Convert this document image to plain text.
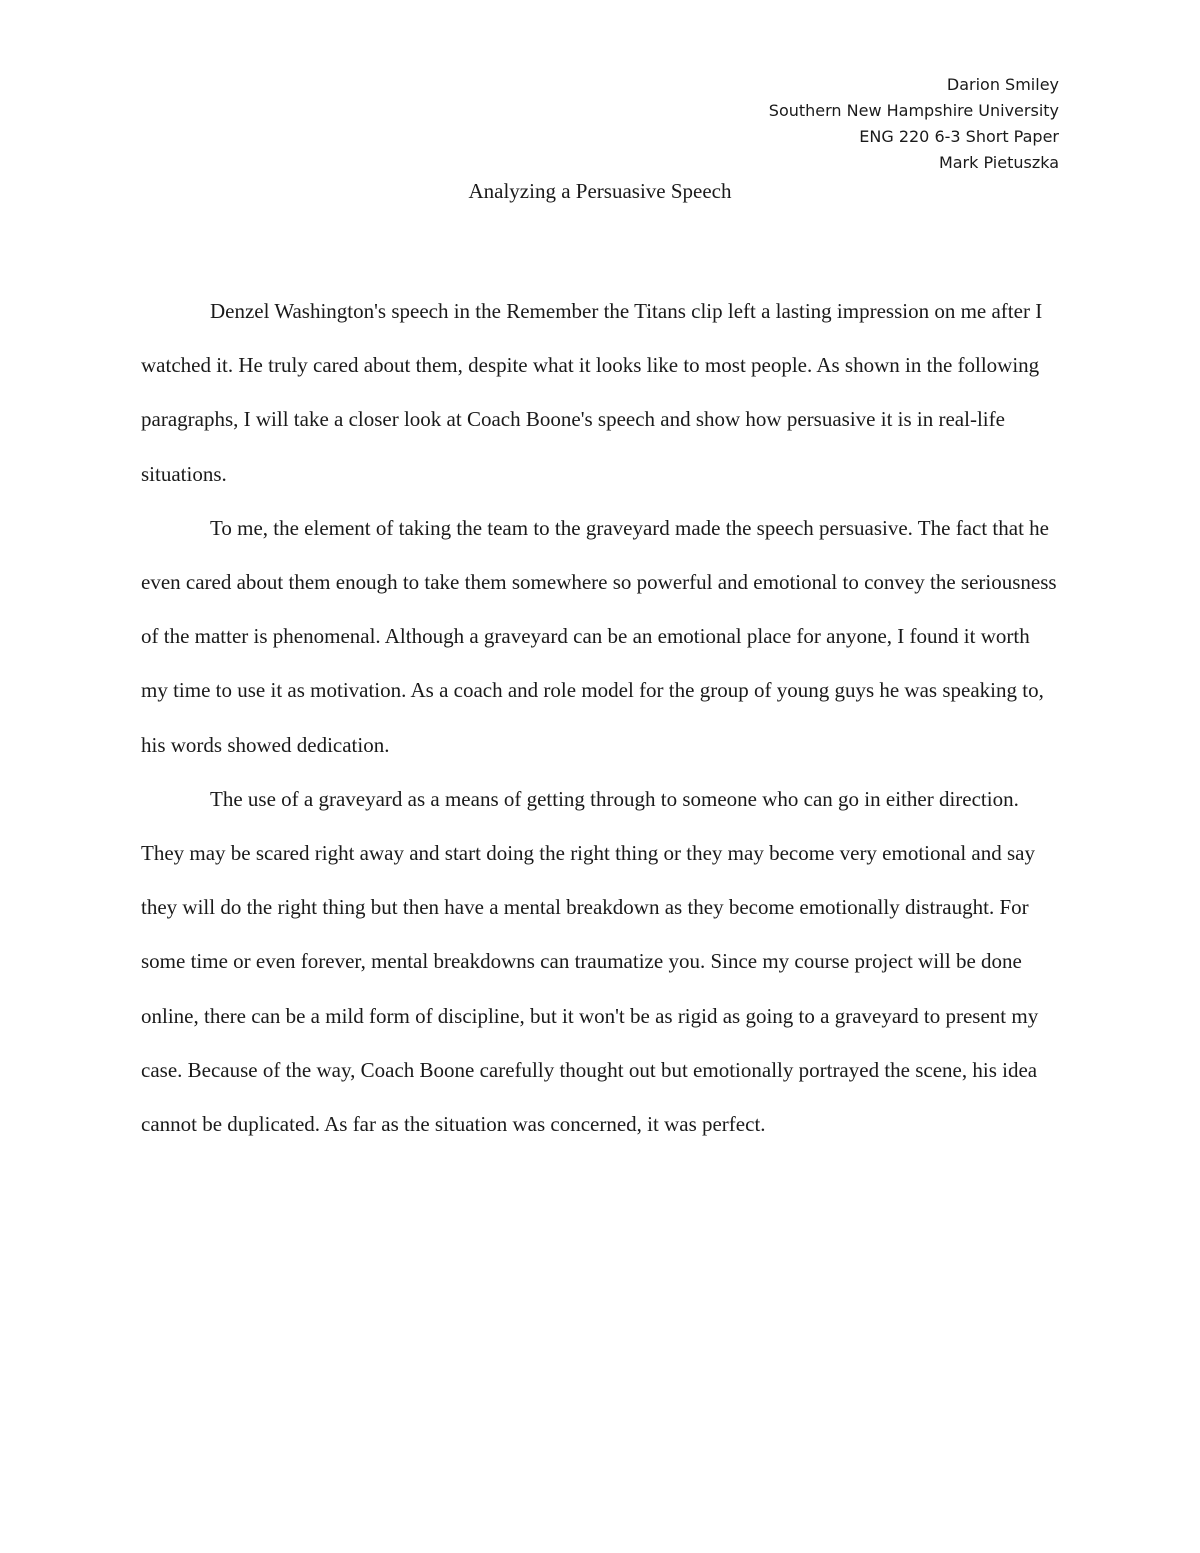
Darion Smiley
Southern New Hampshire University
ENG 220 6-3 Short Paper
Mark Pietuszka
Analyzing a Persuasive Speech

Denzel Washington's speech in the Remember the Titans clip left a lasting impression on me after I watched it. He truly cared about them, despite what it looks like to most people. As shown in the following paragraphs, I will take a closer look at Coach Boone's speech and show how persuasive it is in real-life situations.

To me, the element of taking the team to the graveyard made the speech persuasive. The fact that he even cared about them enough to take them somewhere so powerful and emotional to convey the seriousness of the matter is phenomenal. Although a graveyard can be an emotional place for anyone, I found it worth my time to use it as motivation. As a coach and role model for the group of young guys he was speaking to, his words showed dedication.

The use of a graveyard as a means of getting through to someone who can go in either direction. They may be scared right away and start doing the right thing or they may become very emotional and say they will do the right thing but then have a mental breakdown as they become emotionally distraught. For some time or even forever, mental breakdowns can traumatize you. Since my course project will be done online, there can be a mild form of discipline, but it won't be as rigid as going to a graveyard to present my case. Because of the way, Coach Boone carefully thought out but emotionally portrayed the scene, his idea cannot be duplicated. As far as the situation was concerned, it was perfect.
